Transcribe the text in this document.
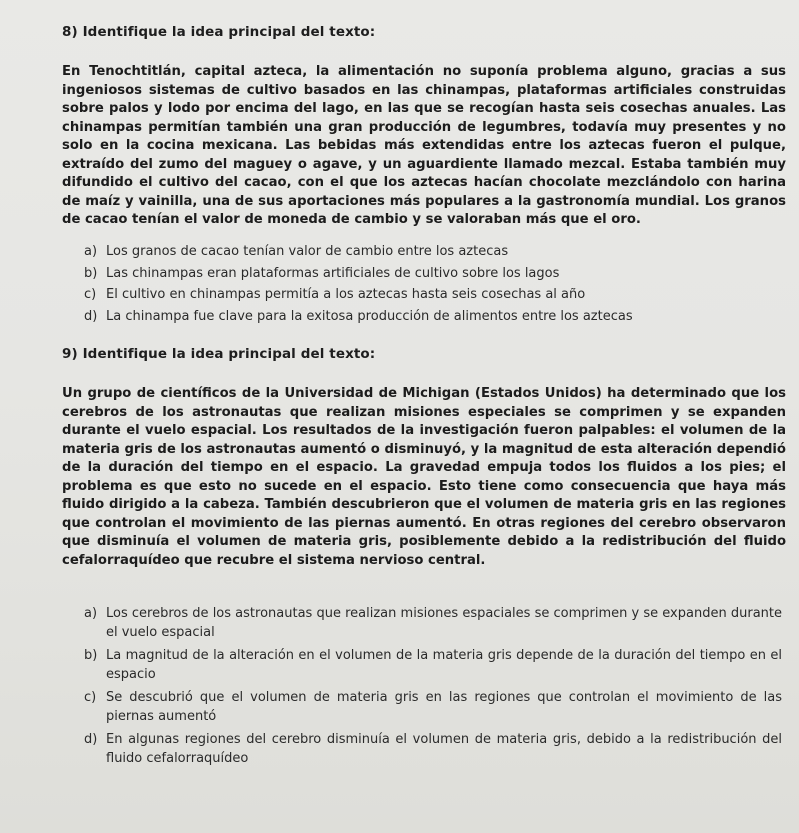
8) Identifique la idea principal del texto:
En Tenochtitlán, capital azteca, la alimentación no suponía problema alguno, gracias a sus ingeniosos sistemas de cultivo basados en las chinampas, plataformas artificiales construidas sobre palos y lodo por encima del lago, en las que se recogían hasta seis cosechas anuales. Las chinampas permitían también una gran producción de legumbres, todavía muy presentes y no solo en la cocina mexicana. Las bebidas más extendidas entre los aztecas fueron el pulque, extraído del zumo del maguey o agave, y un aguardiente llamado mezcal. Estaba también muy difundido el cultivo del cacao, con el que los aztecas hacían chocolate mezclándolo con harina de maíz y vainilla, una de sus aportaciones más populares a la gastronomía mundial. Los granos de cacao tenían el valor de moneda de cambio y se valoraban más que el oro.
a) Los granos de cacao tenían valor de cambio entre los aztecas
b) Las chinampas eran plataformas artificiales de cultivo sobre los lagos
c) El cultivo en chinampas permitía a los aztecas hasta seis cosechas al año
d) La chinampa fue clave para la exitosa producción de alimentos entre los aztecas
9) Identifique la idea principal del texto:
Un grupo de científicos de la Universidad de Michigan (Estados Unidos) ha determinado que los cerebros de los astronautas que realizan misiones especiales se comprimen y se expanden durante el vuelo espacial. Los resultados de la investigación fueron palpables: el volumen de la materia gris de los astronautas aumentó o disminuyó, y la magnitud de esta alteración dependió de la duración del tiempo en el espacio. La gravedad empuja todos los fluidos a los pies; el problema es que esto no sucede en el espacio. Esto tiene como consecuencia que haya más fluido dirigido a la cabeza. También descubrieron que el volumen de materia gris en las regiones que controlan el movimiento de las piernas aumentó. En otras regiones del cerebro observaron que disminuía el volumen de materia gris, posiblemente debido a la redistribución del fluido cefalorraquídeo que recubre el sistema nervioso central.
a) Los cerebros de los astronautas que realizan misiones espaciales se comprimen y se expanden durante el vuelo espacial
b) La magnitud de la alteración en el volumen de la materia gris depende de la duración del tiempo en el espacio
c) Se descubrió que el volumen de materia gris en las regiones que controlan el movimiento de las piernas aumentó
d) En algunas regiones del cerebro disminuía el volumen de materia gris, debido a la redistribución del fluido cefalorraquídeo
